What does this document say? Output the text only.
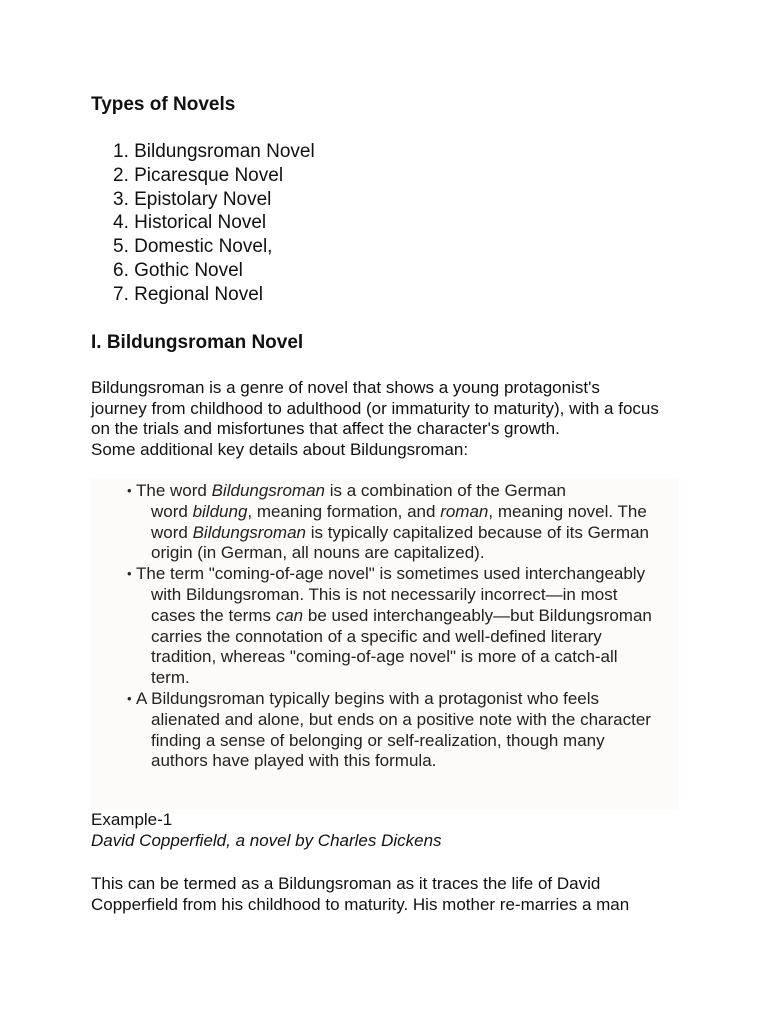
Types of Novels
1. Bildungsroman Novel
2. Picaresque Novel
3. Epistolary Novel
4. Historical Novel
5. Domestic Novel,
6. Gothic Novel
7. Regional Novel
I. Bildungsroman Novel

Bildungsroman is a genre of novel that shows a young protagonist's
journey from childhood to adulthood (or immaturity to maturity), with a focus
on the trials and misfortunes that affect the character's growth.
Some additional key details about Bildungsroman:

• The word Bildungsroman is a combination of the German
word bildung, meaning formation, and roman, meaning novel. The
word Bildungsroman is typically capitalized because of its German
origin (in German, all nouns are capitalized).
• The term "coming-of-age novel" is sometimes used interchangeably
with Bildungsroman. This is not necessarily incorrect—in most
cases the terms can be used interchangeably—but Bildungsroman
carries the connotation of a specific and well-defined literary
tradition, whereas "coming-of-age novel" is more of a catch-all
term.
• A Bildungsroman typically begins with a protagonist who feels
alienated and alone, but ends on a positive note with the character
finding a sense of belonging or self-realization, though many
authors have played with this formula.

Example-1

David Copperfield, a novel by Charles Dickens

This can be termed as a Bildungsroman as it traces the life of David
Copperfield from his childhood to maturity. His mother re-marries a man
